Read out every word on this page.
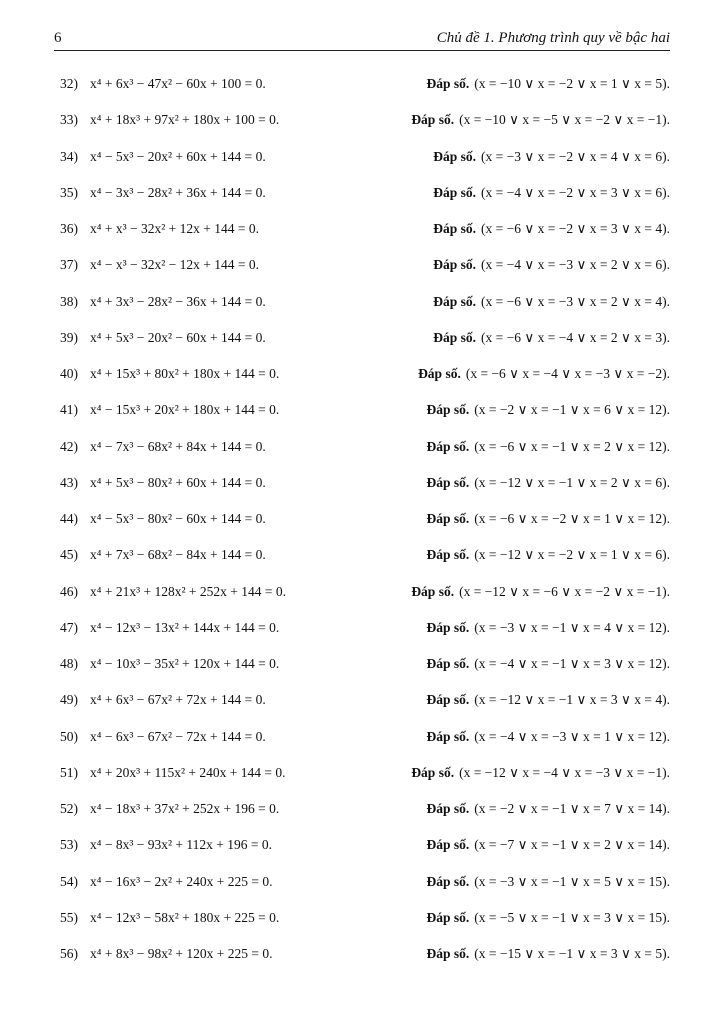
6	Chủ đề 1. Phương trình quy về bậc hai
32) x⁴ + 6x³ − 47x² − 60x + 100 = 0.	Đáp số. (x = −10 ∨ x = −2 ∨ x = 1 ∨ x = 5).
33) x⁴ + 18x³ + 97x² + 180x + 100 = 0.	Đáp số. (x = −10 ∨ x = −5 ∨ x = −2 ∨ x = −1).
34) x⁴ − 5x³ − 20x² + 60x + 144 = 0.	Đáp số. (x = −3 ∨ x = −2 ∨ x = 4 ∨ x = 6).
35) x⁴ − 3x³ − 28x² + 36x + 144 = 0.	Đáp số. (x = −4 ∨ x = −2 ∨ x = 3 ∨ x = 6).
36) x⁴ + x³ − 32x² + 12x + 144 = 0.	Đáp số. (x = −6 ∨ x = −2 ∨ x = 3 ∨ x = 4).
37) x⁴ − x³ − 32x² − 12x + 144 = 0.	Đáp số. (x = −4 ∨ x = −3 ∨ x = 2 ∨ x = 6).
38) x⁴ + 3x³ − 28x² − 36x + 144 = 0.	Đáp số. (x = −6 ∨ x = −3 ∨ x = 2 ∨ x = 4).
39) x⁴ + 5x³ − 20x² − 60x + 144 = 0.	Đáp số. (x = −6 ∨ x = −4 ∨ x = 2 ∨ x = 3).
40) x⁴ + 15x³ + 80x² + 180x + 144 = 0.	Đáp số. (x = −6 ∨ x = −4 ∨ x = −3 ∨ x = −2).
41) x⁴ − 15x³ + 20x² + 180x + 144 = 0.	Đáp số. (x = −2 ∨ x = −1 ∨ x = 6 ∨ x = 12).
42) x⁴ − 7x³ − 68x² + 84x + 144 = 0.	Đáp số. (x = −6 ∨ x = −1 ∨ x = 2 ∨ x = 12).
43) x⁴ + 5x³ − 80x² + 60x + 144 = 0.	Đáp số. (x = −12 ∨ x = −1 ∨ x = 2 ∨ x = 6).
44) x⁴ − 5x³ − 80x² − 60x + 144 = 0.	Đáp số. (x = −6 ∨ x = −2 ∨ x = 1 ∨ x = 12).
45) x⁴ + 7x³ − 68x² − 84x + 144 = 0.	Đáp số. (x = −12 ∨ x = −2 ∨ x = 1 ∨ x = 6).
46) x⁴ + 21x³ + 128x² + 252x + 144 = 0.	Đáp số. (x = −12 ∨ x = −6 ∨ x = −2 ∨ x = −1).
47) x⁴ − 12x³ − 13x² + 144x + 144 = 0.	Đáp số. (x = −3 ∨ x = −1 ∨ x = 4 ∨ x = 12).
48) x⁴ − 10x³ − 35x² + 120x + 144 = 0.	Đáp số. (x = −4 ∨ x = −1 ∨ x = 3 ∨ x = 12).
49) x⁴ + 6x³ − 67x² + 72x + 144 = 0.	Đáp số. (x = −12 ∨ x = −1 ∨ x = 3 ∨ x = 4).
50) x⁴ − 6x³ − 67x² − 72x + 144 = 0.	Đáp số. (x = −4 ∨ x = −3 ∨ x = 1 ∨ x = 12).
51) x⁴ + 20x³ + 115x² + 240x + 144 = 0.	Đáp số. (x = −12 ∨ x = −4 ∨ x = −3 ∨ x = −1).
52) x⁴ − 18x³ + 37x² + 252x + 196 = 0.	Đáp số. (x = −2 ∨ x = −1 ∨ x = 7 ∨ x = 14).
53) x⁴ − 8x³ − 93x² + 112x + 196 = 0.	Đáp số. (x = −7 ∨ x = −1 ∨ x = 2 ∨ x = 14).
54) x⁴ − 16x³ − 2x² + 240x + 225 = 0.	Đáp số. (x = −3 ∨ x = −1 ∨ x = 5 ∨ x = 15).
55) x⁴ − 12x³ − 58x² + 180x + 225 = 0.	Đáp số. (x = −5 ∨ x = −1 ∨ x = 3 ∨ x = 15).
56) x⁴ + 8x³ − 98x² + 120x + 225 = 0.	Đáp số. (x = −15 ∨ x = −1 ∨ x = 3 ∨ x = 5).
